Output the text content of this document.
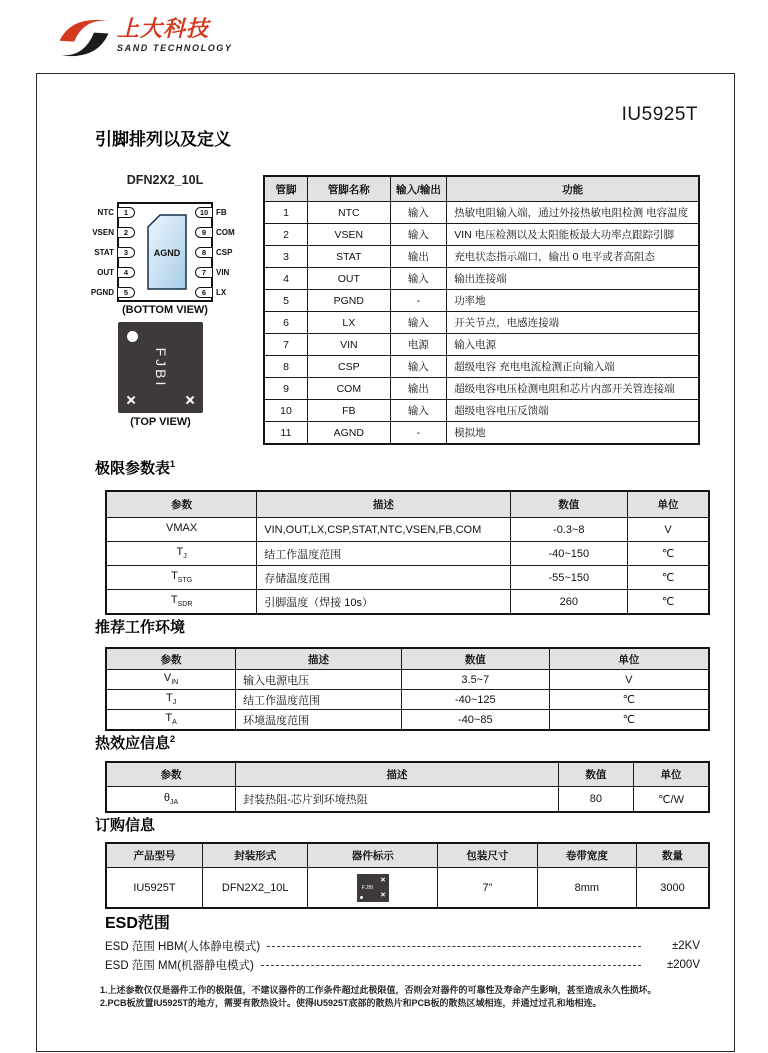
上大科技
SAND TECHNOLOGY
IU5925T
引脚排列以及定义
DFN2X2_10L
AGND
NTC 1
VSEN 2
STAT 3
OUT 4
PGND 5
10 FB
9 COM
8 CSP
7 VIN
6 LX
(BOTTOM VIEW)
FJBI
(TOP VIEW)
管脚	管脚名称	输入/输出	功能
1	NTC	输入	热敏电阻输入端，通过外接热敏电阻检测 电容温度
2	VSEN	输入	VIN 电压检测以及太阳能板最大功率点跟踪引脚
3	STAT	输出	充电状态指示端口，输出 0 电平或者高阻态
4	OUT	输入	输出连接端
5	PGND	-	功率地
6	LX	输入	开关节点，电感连接端
7	VIN	电源	输入电源
8	CSP	输入	超级电容 充电电流检测正向输入端
9	COM	输出	超级电容电压检测电阻和芯片内部开关管连接端
10	FB	输入	超级电容电压反馈端
11	AGND	-	模拟地
极限参数表$^1$
参数	描述	数值	单位
VMAX	VIN,OUT,LX,CSP,STAT,NTC,VSEN,FB,COM	-0.3~8	V
$T_J$	结工作温度范围	-40~150	℃
$T_{STG}$	存储温度范围	-55~150	℃
$T_{SDR}$	引脚温度（焊接 10s）	260	℃
推荐工作环境
参数	描述	数值	单位
$V_{IN}$	输入电源电压	3.5~7	V
$T_J$	结工作温度范围	-40~125	℃
$T_A$	环境温度范围	-40~85	℃
热效应信息$^2$
参数	描述	数值	单位
$\theta_{JA}$	封装热阻-芯片到环境热阻	80	℃/W
订购信息
产品型号	封装形式	器件标示	包装尺寸	卷带宽度	数量
IU5925T	DFN2X2_10L	FJBI	7”	8mm	3000
ESD范围
ESD 范围 HBM(人体静电模式)	±2KV
ESD 范围 MM(机器静电模式)	±200V
1.上述参数仅仅是器件工作的极限值，不建议器件的工作条件超过此极限值，否则会对器件的可靠性及寿命产生影响，甚至造成永久性损坏。
2.PCB板放置IU5925T的地方，需要有散热设计。使得IU5925T底部的散热片和PCB板的散热区域相连，并通过过孔和地相连。
